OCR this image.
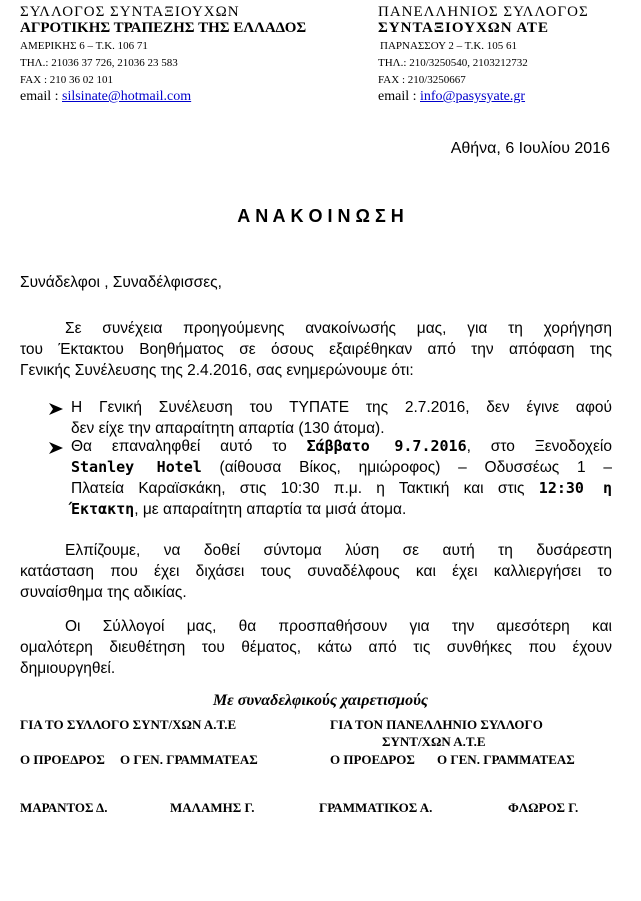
ΣΥΛΛΟΓΟΣ ΣΥΝΤΑΞΙΟΥΧΩΝ
ΑΓΡΟΤΙΚΗΣ ΤΡΑΠΕΖΗΣ ΤΗΣ ΕΛΛΑΔΟΣ
ΑΜΕΡΙΚΗΣ 6 – Τ.Κ. 106 71
ΤΗΛ.: 21036 37 726, 21036 23 583
FAX : 210 36 02 101
email : silsinate@hotmail.com
ΠΑΝΕΛΛΗΝΙΟΣ ΣΥΛΛΟΓΟΣ
ΣΥΝΤΑΞΙΟΥΧΩΝ ΑΤΕ
ΠΑΡΝΑΣΣΟΥ 2 – Τ.Κ. 105 61
ΤΗΛ.: 210/3250540, 2103212732
FAX : 210/3250667
email : info@pasysyate.gr
Αθήνα, 6 Ιουλίου 2016
Α Ν Α Κ Ο Ι Ν Ω Σ Η
Συνάδελφοι , Συναδέλφισσες,
Σε συνέχεια προηγούμενης ανακοίνωσής μας, για τη χορήγηση
του Έκτακτου Βοηθήματος σε όσους εξαιρέθηκαν από την απόφαση της
Γενικής Συνέλευσης της 2.4.2016, σας ενημερώνουμε ότι:
Η Γενική Συνέλευση του ΤΥΠΑΤΕ της 2.7.2016, δεν έγινε αφού
δεν είχε την απαραίτητη απαρτία (130 άτομα).
Θα επαναληφθεί αυτό το Σάββατο 9.7.2016, στο Ξενοδοχείο
Stanley Hotel (αίθουσα Βίκος, ημιώροφος) – Οδυσσέως 1 –
Πλατεία Καραϊσκάκη, στις 10:30 π.μ. η Τακτική και στις 12:30 η
Έκτακτη, με απαραίτητη απαρτία τα μισά άτομα.
Ελπίζουμε, να δοθεί σύντομα λύση σε αυτή τη δυσάρεστη
κατάσταση που έχει διχάσει τους συναδέλφους και έχει καλλιεργήσει το
συναίσθημα της αδικίας.
Οι Σύλλογοί μας, θα προσπαθήσουν για την αμεσότερη και
ομαλότερη διευθέτηση του θέματος, κάτω από τις συνθήκες που έχουν
δημιουργηθεί.
Με συναδελφικούς χαιρετισμούς
ΓΙΑ ΤΟ ΣΥΛΛΟΓΟ ΣΥΝΤ/ΧΩΝ Α.Τ.Ε
Ο ΠΡΟΕΔΡΟΣ Ο ΓΕΝ. ΓΡΑΜΜΑΤΕΑΣ
ΜΑΡΑΝΤΟΣ Δ.	ΜΑΛΑΜΗΣ Γ.
ΓΙΑ ΤΟΝ ΠΑΝΕΛΛΗΝΙΟ ΣΥΛΛΟΓΟ
ΣΥΝΤ/ΧΩΝ Α.Τ.Ε
Ο ΠΡΟΕΔΡΟΣ Ο ΓΕΝ. ΓΡΑΜΜΑΤΕΑΣ
ΓΡΑΜΜΑΤΙΚΟΣ Α.	ΦΛΩΡΟΣ Γ.
